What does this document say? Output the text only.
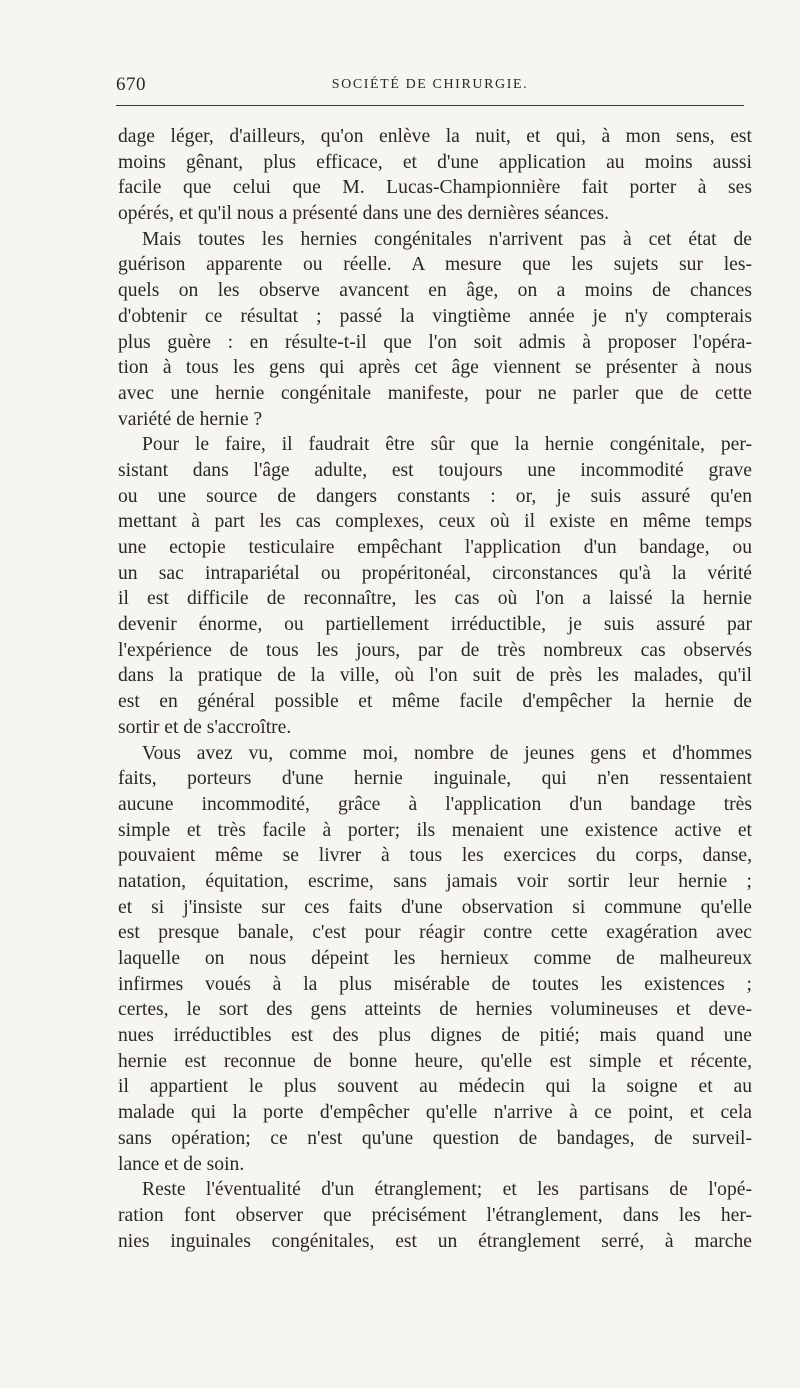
670	SOCIÉTÉ DE CHIRURGIE.
dage léger, d'ailleurs, qu'on enlève la nuit, et qui, à mon sens, est
moins gênant, plus efficace, et d'une application au moins aussi
facile que celui que M. Lucas-Championnière fait porter à ses
opérés, et qu'il nous a présenté dans une des dernières séances.
Mais toutes les hernies congénitales n'arrivent pas à cet état de
guérison apparente ou réelle. A mesure que les sujets sur les-
quels on les observe avancent en âge, on a moins de chances
d'obtenir ce résultat ; passé la vingtième année je n'y compterais
plus guère : en résulte-t-il que l'on soit admis à proposer l'opéra-
tion à tous les gens qui après cet âge viennent se présenter à nous
avec une hernie congénitale manifeste, pour ne parler que de cette
variété de hernie ?
Pour le faire, il faudrait être sûr que la hernie congénitale, per-
sistant dans l'âge adulte, est toujours une incommodité grave
ou une source de dangers constants : or, je suis assuré qu'en
mettant à part les cas complexes, ceux où il existe en même temps
une ectopie testiculaire empêchant l'application d'un bandage, ou
un sac intrapariétal ou propéritonéal, circonstances qu'à la vérité
il est difficile de reconnaître, les cas où l'on a laissé la hernie
devenir énorme, ou partiellement irréductible, je suis assuré par
l'expérience de tous les jours, par de très nombreux cas observés
dans la pratique de la ville, où l'on suit de près les malades, qu'il
est en général possible et même facile d'empêcher la hernie de
sortir et de s'accroître.
Vous avez vu, comme moi, nombre de jeunes gens et d'hommes
faits, porteurs d'une hernie inguinale, qui n'en ressentaient
aucune incommodité, grâce à l'application d'un bandage très
simple et très facile à porter; ils menaient une existence active et
pouvaient même se livrer à tous les exercices du corps, danse,
natation, équitation, escrime, sans jamais voir sortir leur hernie ;
et si j'insiste sur ces faits d'une observation si commune qu'elle
est presque banale, c'est pour réagir contre cette exagération avec
laquelle on nous dépeint les hernieux comme de malheureux
infirmes voués à la plus misérable de toutes les existences ;
certes, le sort des gens atteints de hernies volumineuses et deve-
nues irréductibles est des plus dignes de pitié; mais quand une
hernie est reconnue de bonne heure, qu'elle est simple et récente,
il appartient le plus souvent au médecin qui la soigne et au
malade qui la porte d'empêcher qu'elle n'arrive à ce point, et cela
sans opération; ce n'est qu'une question de bandages, de surveil-
lance et de soin.
Reste l'éventualité d'un étranglement; et les partisans de l'opé-
ration font observer que précisément l'étranglement, dans les her-
nies inguinales congénitales, est un étranglement serré, à marche
